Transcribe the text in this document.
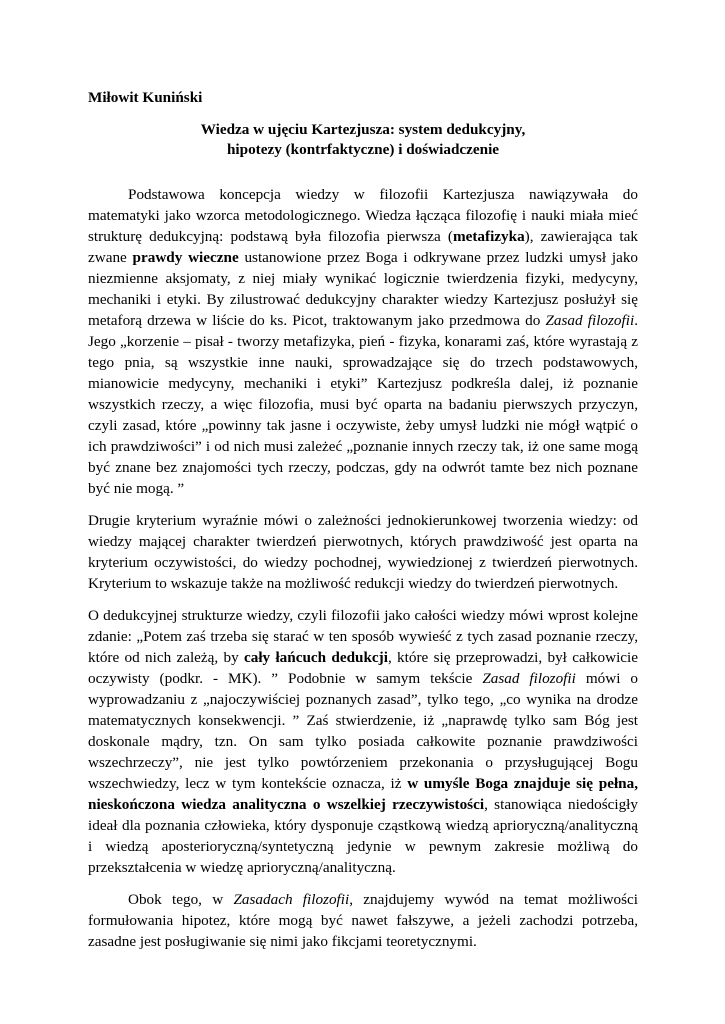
Miłowit Kuniński
Wiedza w ujęciu Kartezjusza: system dedukcyjny,
hipotezy (kontrfaktyczne) i doświadczenie

Podstawowa koncepcja wiedzy w filozofii Kartezjusza nawiązywała do matematyki jako wzorca metodologicznego. Wiedza łącząca filozofię i nauki miała mieć strukturę dedukcyjną: podstawą była filozofia pierwsza (metafizyka), zawierająca tak zwane prawdy wieczne ustanowione przez Boga i odkrywane przez ludzki umysł jako niezmienne aksjomaty, z niej miały wynikać logicznie twierdzenia fizyki, medycyny, mechaniki i etyki. By zilustrować dedukcyjny charakter wiedzy Kartezjusz posłużył się metaforą drzewa w liście do ks. Picot, traktowanym jako przedmowa do Zasad filozofii. Jego „korzenie – pisał - tworzy metafizyka, pień - fizyka, konarami zaś, które wyrastają z tego pnia, są wszystkie inne nauki, sprowadzające się do trzech podstawowych, mianowicie medycyny, mechaniki i etyki” Kartezjusz podkreśla dalej, iż poznanie wszystkich rzeczy, a więc filozofia, musi być oparta na badaniu pierwszych przyczyn, czyli zasad, które „powinny tak jasne i oczywiste, żeby umysł ludzki nie mógł wątpić o ich prawdziwości” i od nich musi zależeć „poznanie innych rzeczy tak, iż one same mogą być znane bez znajomości tych rzeczy, podczas, gdy na odwrót tamte bez nich poznane być nie mogą. ”

Drugie kryterium wyraźnie mówi o zależności jednokierunkowej tworzenia wiedzy: od wiedzy mającej charakter twierdzeń pierwotnych, których prawdziwość jest oparta na kryterium oczywistości, do wiedzy pochodnej, wywiedzionej z twierdzeń pierwotnych. Kryterium to wskazuje także na możliwość redukcji wiedzy do twierdzeń pierwotnych.

O dedukcyjnej strukturze wiedzy, czyli filozofii jako całości wiedzy mówi wprost kolejne zdanie: „Potem zaś trzeba się starać w ten sposób wywieść z tych zasad poznanie rzeczy, które od nich zależą, by cały łańcuch dedukcji, które się przeprowadzi, był całkowicie oczywisty (podkr. - MK). ” Podobnie w samym tekście Zasad filozofii mówi o wyprowadzaniu z „najoczywiściej poznanych zasad”, tylko tego, „co wynika na drodze matematycznych konsekwencji. ” Zaś stwierdzenie, iż „naprawdę tylko sam Bóg jest doskonale mądry, tzn. On sam tylko posiada całkowite poznanie prawdziwości wszechrzeczy”, nie jest tylko powtórzeniem przekonania o przysługującej Bogu wszechwiedzy, lecz w tym kontekście oznacza, iż w umyśle Boga znajduje się pełna, nieskończona wiedza analityczna o wszelkiej rzeczywistości, stanowiąca niedościgły ideał dla poznania człowieka, który dysponuje cząstkową wiedzą aprioryczną/analityczną i wiedzą aposterioryczną/syntetyczną jedynie w pewnym zakresie możliwą do przekształcenia w wiedzę aprioryczną/analityczną.

Obok tego, w Zasadach filozofii, znajdujemy wywód na temat możliwości formułowania hipotez, które mogą być nawet fałszywe, a jeżeli zachodzi potrzeba, zasadne jest posługiwanie się nimi jako fikcjami teoretycznymi.
